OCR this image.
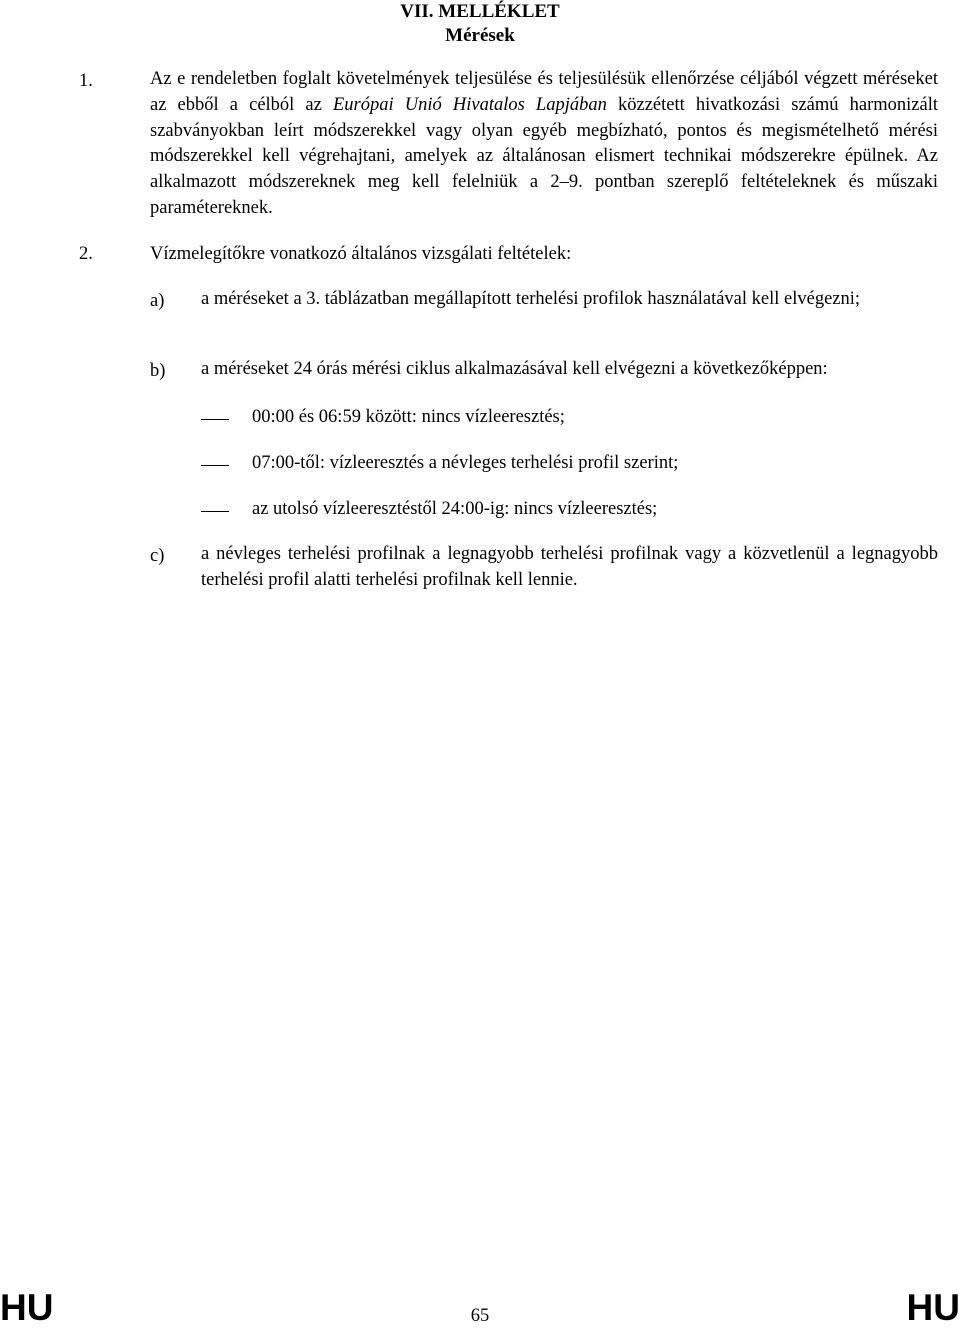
VII. MELLÉKLET
Mérések
1.	Az e rendeletben foglalt követelmények teljesülése és teljesülésük ellenőrzése céljából végzett méréseket az ebből a célból az Európai Unió Hivatalos Lapjában közzétett hivatkozási számú harmonizált szabványokban leírt módszerekkel vagy olyan egyéb megbízható, pontos és megismételhető mérési módszerekkel kell végrehajtani, amelyek az általánosan elismert technikai módszerekre épülnek. Az alkalmazott módszereknek meg kell felelniük a 2–9. pontban szereplő feltételeknek és műszaki paramétereknek.

2.	Vízmelegítőkre vonatkozó általános vizsgálati feltételek:
a) a méréseket a 3. táblázatban megállapított terhelési profilok használatával kell elvégezni;

b) a méréseket 24 órás mérési ciklus alkalmazásával kell elvégezni a következőképpen:

00:00 és 06:59 között: nincs vízleeresztés;
07:00-től: vízleeresztés a névleges terhelési profil szerint;
az utolsó vízleeresztéstől 24:00-ig: nincs vízleeresztés;
c) a névleges terhelési profilnak a legnagyobb terhelési profilnak vagy a közvetlenül a legnagyobb terhelési profil alatti terhelési profilnak kell lennie.

HU	65	HU
